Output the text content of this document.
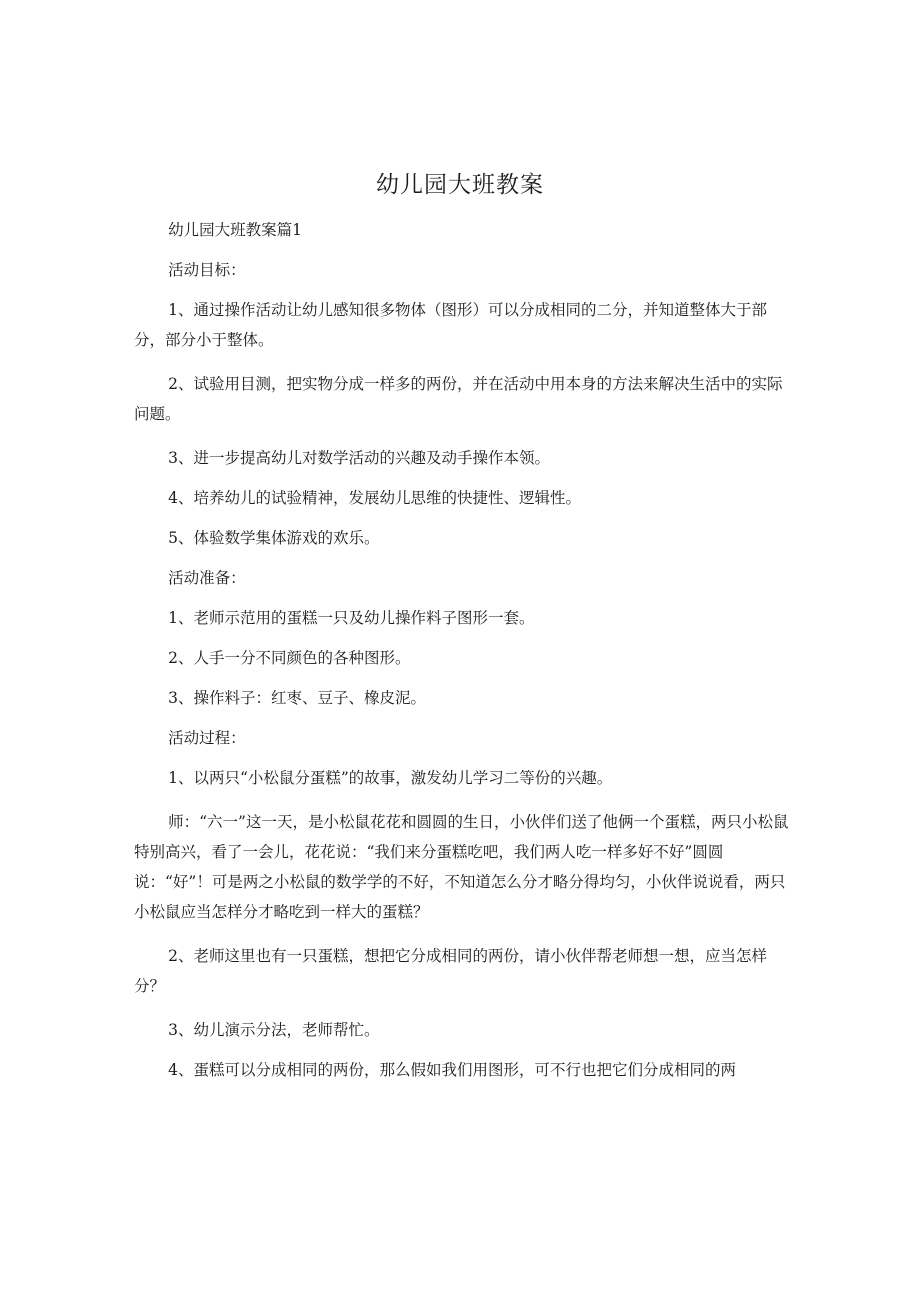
幼儿园大班教案

幼儿园大班教案篇1

活动目标：

1、通过操作活动让幼儿感知很多物体（图形）可以分成相同的二分，并知道整体大于部分，部分小于整体。

2、试验用目测，把实物分成一样多的两份，并在活动中用本身的方法来解决生活中的实际问题。

3、进一步提高幼儿对数学活动的兴趣及动手操作本领。

4、培养幼儿的试验精神，发展幼儿思维的快捷性、逻辑性。

5、体验数学集体游戏的欢乐。

活动准备：

1、老师示范用的蛋糕一只及幼儿操作料子图形一套。

2、人手一分不同颜色的各种图形。

3、操作料子：红枣、豆子、橡皮泥。

活动过程：

1、以两只“小松鼠分蛋糕”的故事，激发幼儿学习二等份的兴趣。

师：“六一”这一天，是小松鼠花花和圆圆的生日，小伙伴们送了他俩一个蛋糕，两只小松鼠特别高兴，看了一会儿，花花说：“我们来分蛋糕吃吧，我们两人吃一样多好不好”圆圆说：“好”！可是两之小松鼠的数学学的不好，不知道怎么分才略分得均匀，小伙伴说说看，两只小松鼠应当怎样分才略吃到一样大的蛋糕？

2、老师这里也有一只蛋糕，想把它分成相同的两份，请小伙伴帮老师想一想，应当怎样分？

3、幼儿演示分法，老师帮忙。

4、蛋糕可以分成相同的两份，那么假如我们用图形，可不行也把它们分成相同的两
